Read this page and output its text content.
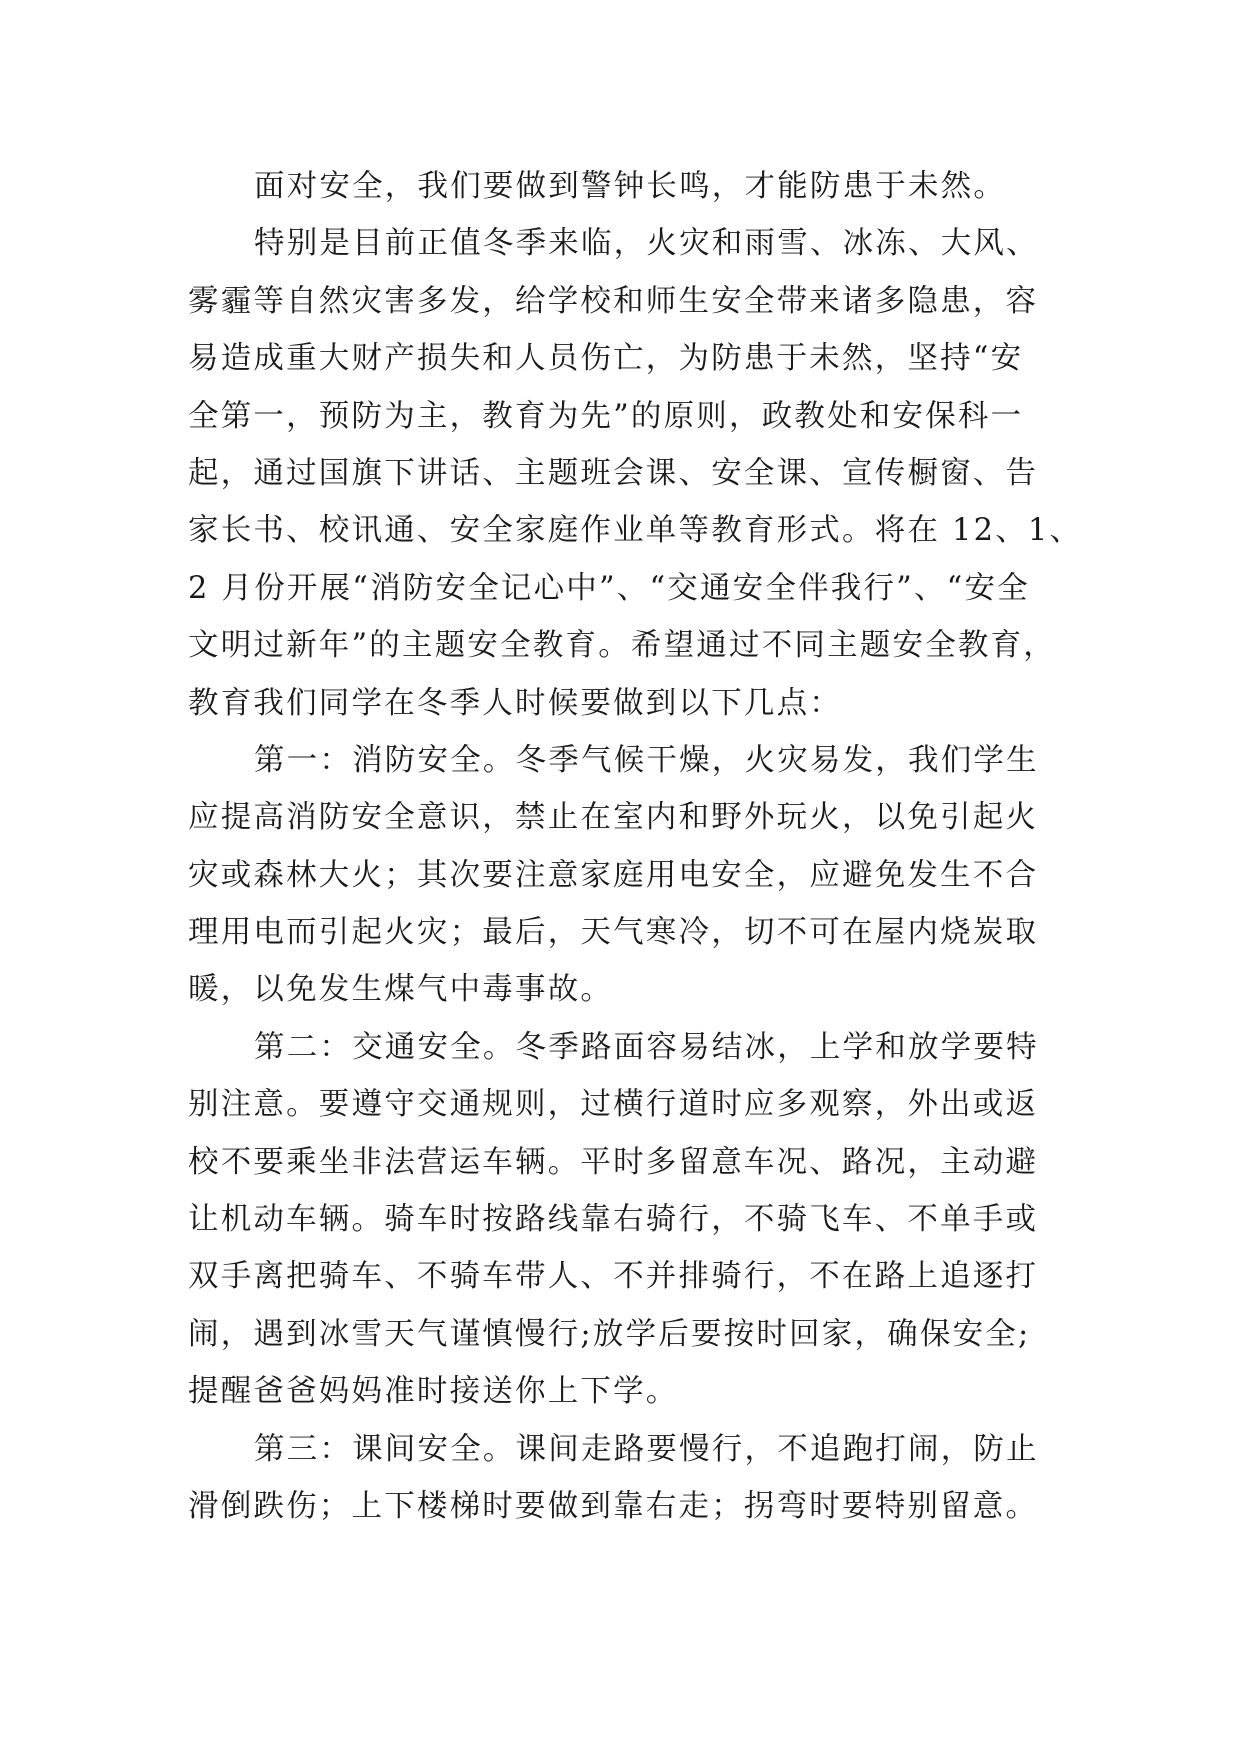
面对安全，我们要做到警钟长鸣，才能防患于未然。
特别是目前正值冬季来临，火灾和雨雪、冰冻、大风、
雾霾等自然灾害多发，给学校和师生安全带来诸多隐患，容
易造成重大财产损失和人员伤亡，为防患于未然，坚持“安
全第一，预防为主，教育为先”的原则，政教处和安保科一
起，通过国旗下讲话、主题班会课、安全课、宣传橱窗、告
家长书、校讯通、安全家庭作业单等教育形式。将在 12、1、
2 月份开展“消防安全记心中”、“交通安全伴我行”、“安全
文明过新年”的主题安全教育。希望通过不同主题安全教育，
教育我们同学在冬季人时候要做到以下几点：
第一：消防安全。冬季气候干燥，火灾易发，我们学生
应提高消防安全意识，禁止在室内和野外玩火，以免引起火
灾或森林大火；其次要注意家庭用电安全，应避免发生不合
理用电而引起火灾；最后，天气寒冷，切不可在屋内烧炭取
暖，以免发生煤气中毒事故。
第二：交通安全。冬季路面容易结冰，上学和放学要特
别注意。要遵守交通规则，过横行道时应多观察，外出或返
校不要乘坐非法营运车辆。平时多留意车况、路况，主动避
让机动车辆。骑车时按路线靠右骑行，不骑飞车、不单手或
双手离把骑车、不骑车带人、不并排骑行，不在路上追逐打
闹，遇到冰雪天气谨慎慢行;放学后要按时回家，确保安全;
提醒爸爸妈妈准时接送你上下学。
第三：课间安全。课间走路要慢行，不追跑打闹，防止
滑倒跌伤；上下楼梯时要做到靠右走；拐弯时要特别留意。
